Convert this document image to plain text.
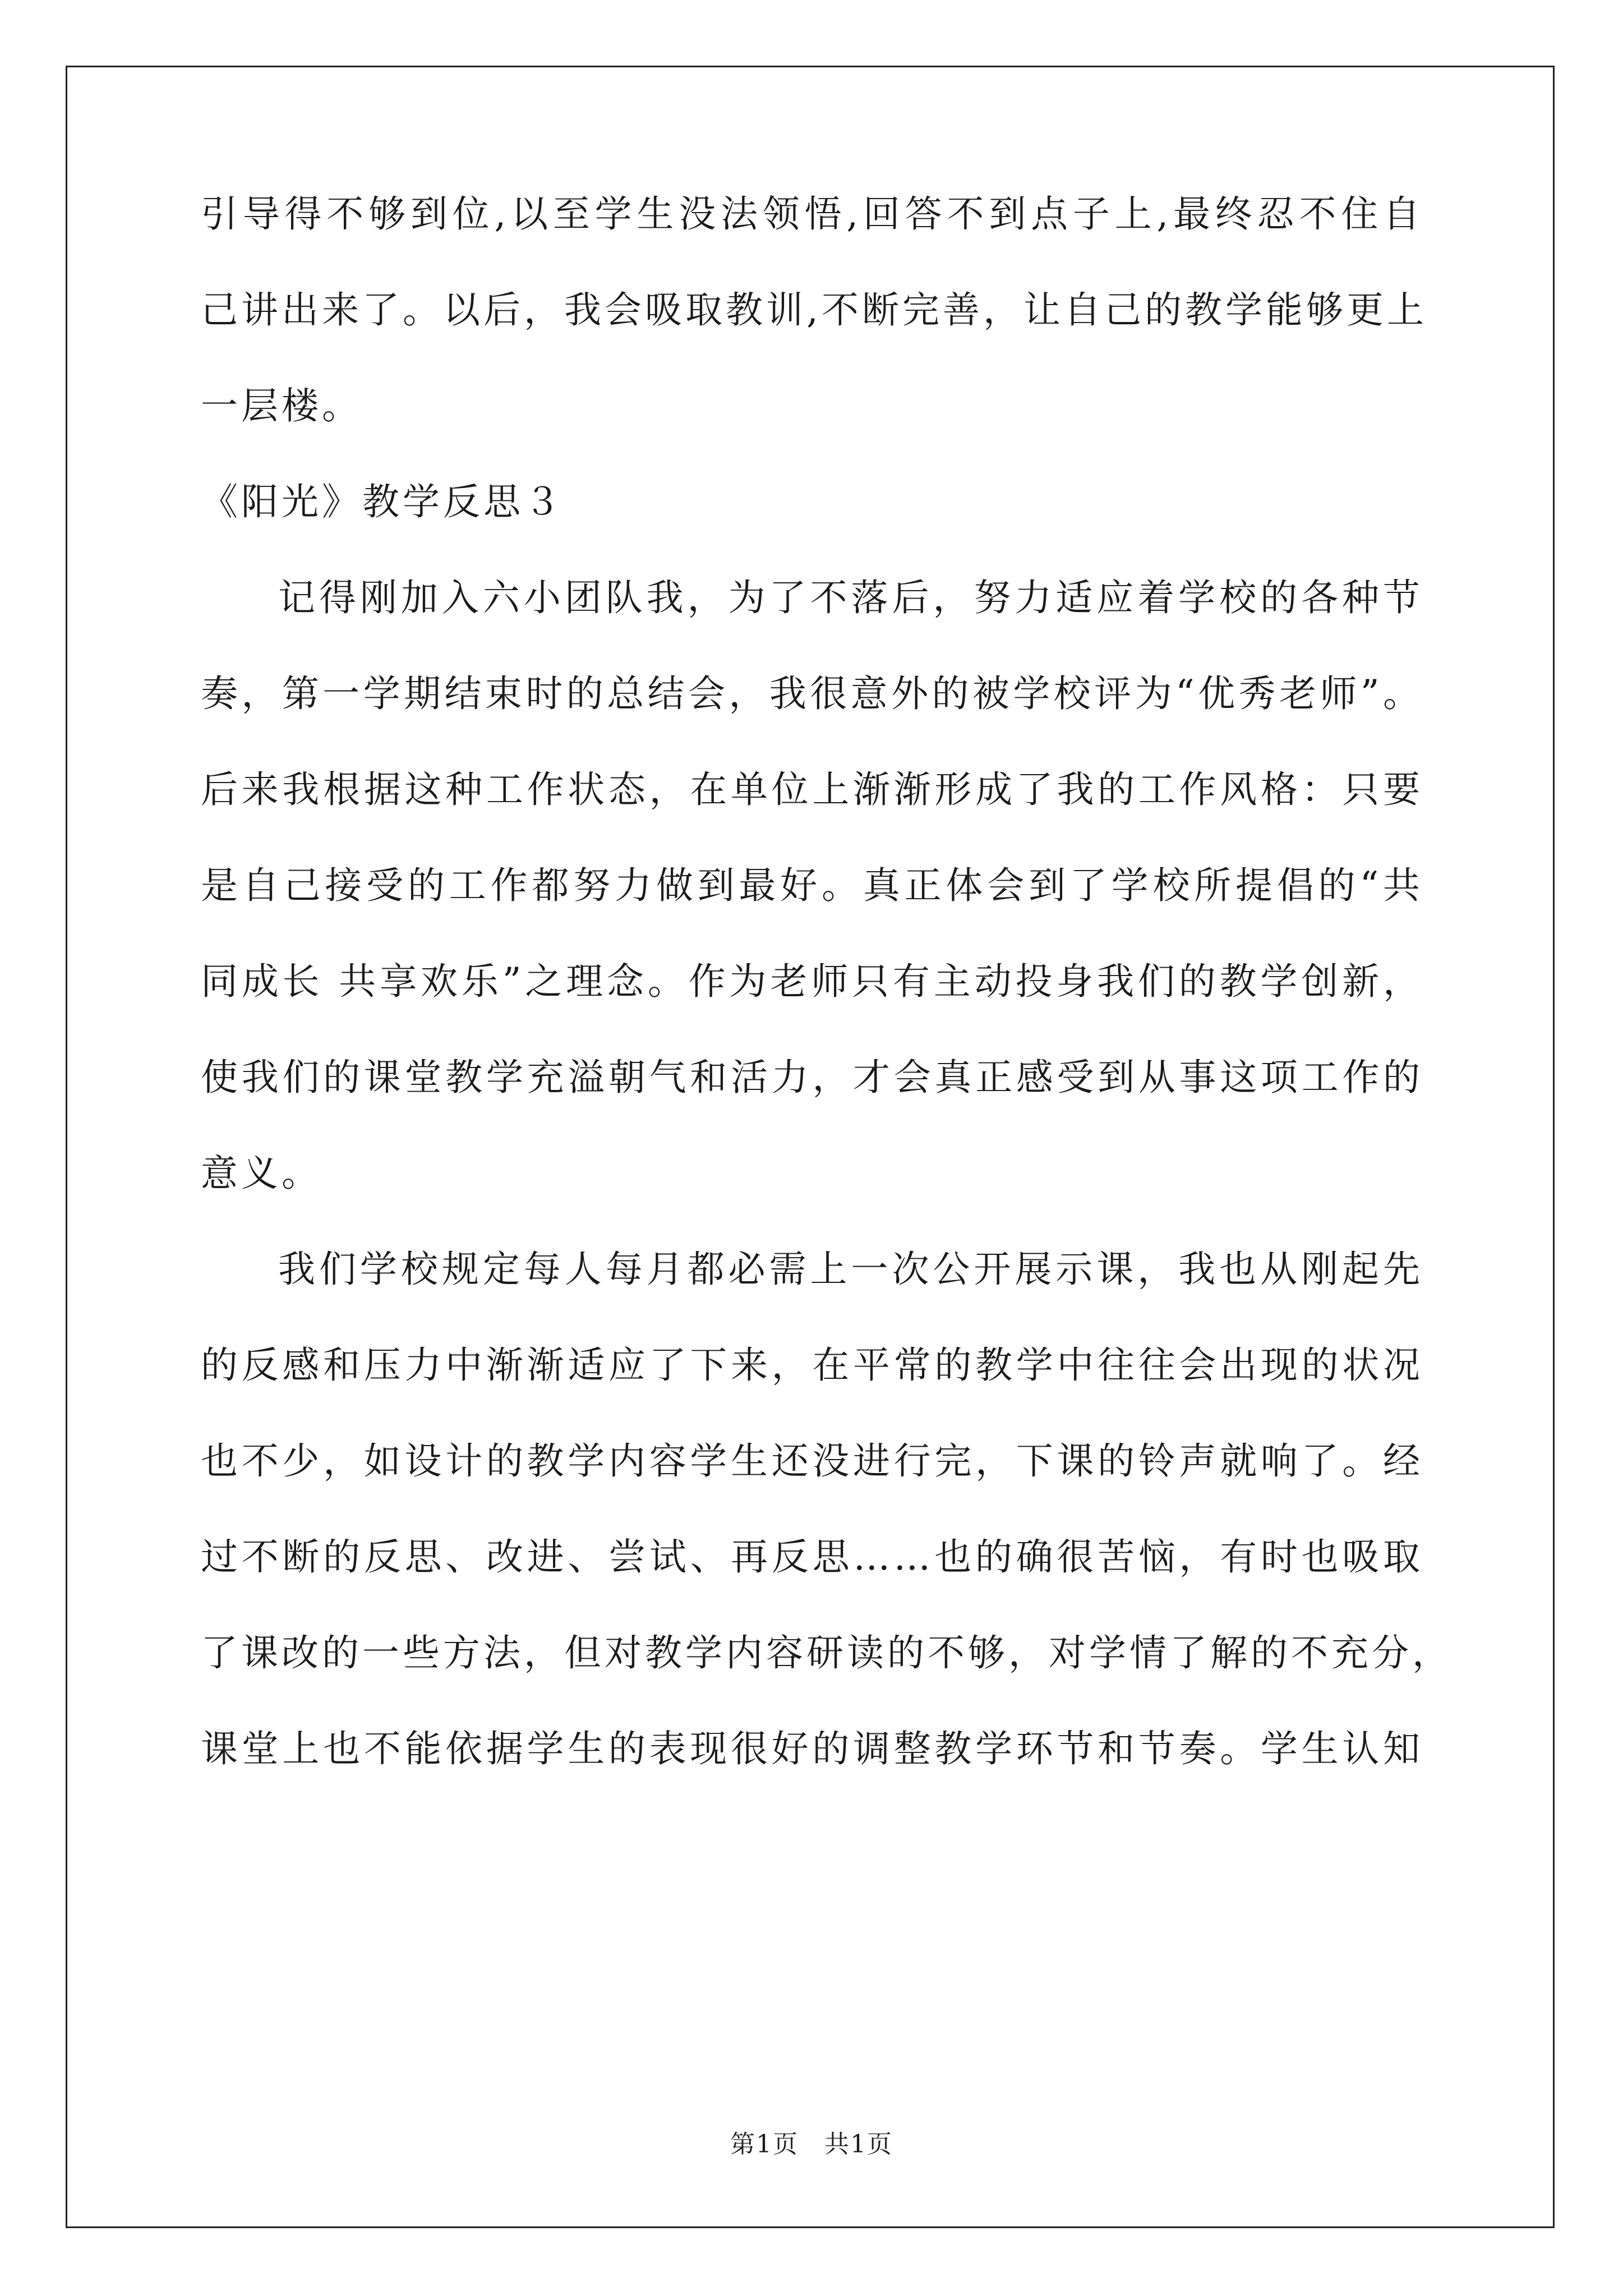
引导得不够到位,以至学生没法领悟,回答不到点子上,最终忍不住自
己讲出来了。以后，我会吸取教训,不断完善，让自己的教学能够更上
一层楼。
《阳光》教学反思３
记得刚加入六小团队我，为了不落后，努力适应着学校的各种节
奏，第一学期结束时的总结会，我很意外的被学校评为“优秀老师”。
后来我根据这种工作状态，在单位上渐渐形成了我的工作风格：只要
是自己接受的工作都努力做到最好。真正体会到了学校所提倡的“共
同成长 共享欢乐”之理念。作为老师只有主动投身我们的教学创新，
使我们的课堂教学充溢朝气和活力，才会真正感受到从事这项工作的
意义。
我们学校规定每人每月都必需上一次公开展示课，我也从刚起先
的反感和压力中渐渐适应了下来，在平常的教学中往往会出现的状况
也不少，如设计的教学内容学生还没进行完，下课的铃声就响了。经
过不断的反思、改进、尝试、再反思……也的确很苦恼，有时也吸取
了课改的一些方法，但对教学内容研读的不够，对学情了解的不充分，
课堂上也不能依据学生的表现很好的调整教学环节和节奏。学生认知
第1页 共1页
